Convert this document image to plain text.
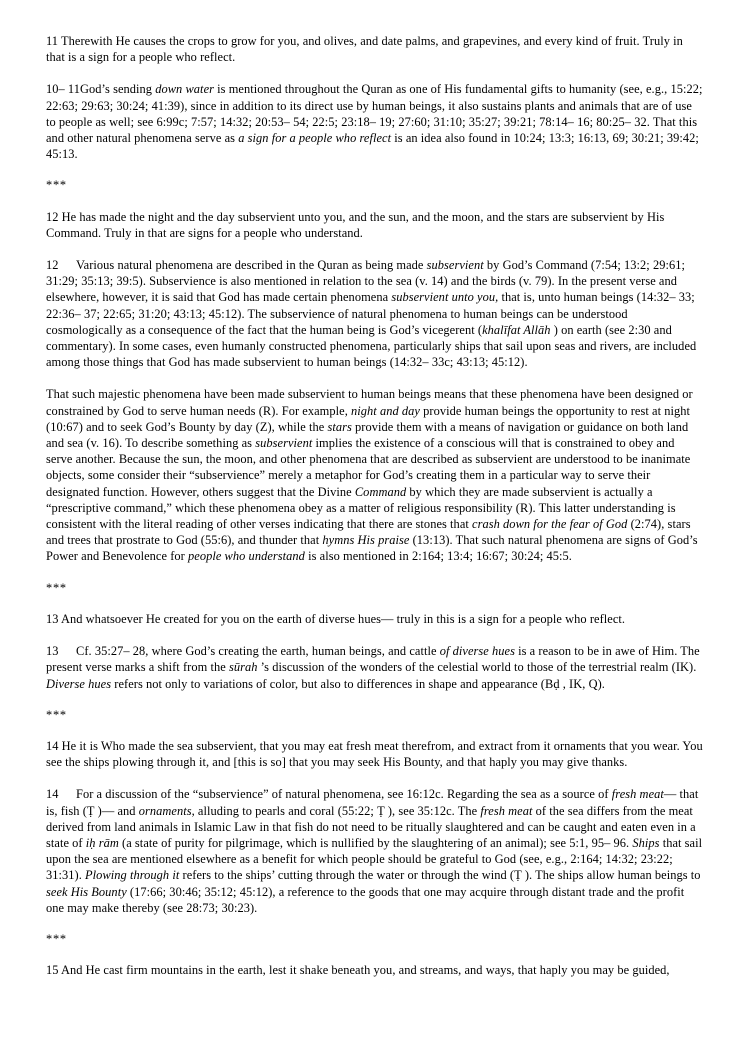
11 Therewith He causes the crops to grow for you, and olives, and date palms, and grapevines, and every kind of fruit. Truly in that is a sign for a people who reflect.

10– 11God’s sending down water is mentioned throughout the Quran as one of His fundamental gifts to humanity (see, e.g., 15:22; 22:63; 29:63; 30:24; 41:39), since in addition to its direct use by human beings, it also sustains plants and animals that are of use to people as well; see 6:99c; 7:57; 14:32; 20:53– 54; 22:5; 23:18– 19; 27:60; 31:10; 35:27; 39:21; 78:14– 16; 80:25– 32. That this and other natural phenomena serve as a sign for a people who reflect is an idea also found in 10:24; 13:3; 16:13, 69; 30:21; 39:42; 45:13.

***

12 He has made the night and the day subservient unto you, and the sun, and the moon, and the stars are subservient by His Command. Truly in that are signs for a people who understand.

12 Various natural phenomena are described in the Quran as being made subservient by God’s Command (7:54; 13:2; 29:61; 31:29; 35:13; 39:5). Subservience is also mentioned in relation to the sea (v. 14) and the birds (v. 79). In the present verse and elsewhere, however, it is said that God has made certain phenomena subservient unto you, that is, unto human beings (14:32– 33; 22:36– 37; 22:65; 31:20; 43:13; 45:12). The subservience of natural phenomena to human beings can be understood cosmologically as a consequence of the fact that the human being is God’s vicegerent (khalīfat Allāh ) on earth (see 2:30 and commentary). In some cases, even humanly constructed phenomena, particularly ships that sail upon seas and rivers, are included among those things that God has made subservient to human beings (14:32– 33c; 43:13; 45:12).

That such majestic phenomena have been made subservient to human beings means that these phenomena have been designed or constrained by God to serve human needs (R). For example, night and day provide human beings the opportunity to rest at night (10:67) and to seek God’s Bounty by day (Z), while the stars provide them with a means of navigation or guidance on both land and sea (v. 16). To describe something as subservient implies the existence of a conscious will that is constrained to obey and serve another. Because the sun, the moon, and other phenomena that are described as subservient are understood to be inanimate objects, some consider their “subservience” merely a metaphor for God’s creating them in a particular way to serve their designated function. However, others suggest that the Divine Command by which they are made subservient is actually a “prescriptive command,” which these phenomena obey as a matter of religious responsibility (R). This latter understanding is consistent with the literal reading of other verses indicating that there are stones that crash down for the fear of God (2:74), stars and trees that prostrate to God (55:6), and thunder that hymns His praise (13:13). That such natural phenomena are signs of God’s Power and Benevolence for people who understand is also mentioned in 2:164; 13:4; 16:67; 30:24; 45:5.

***

13 And whatsoever He created for you on the earth of diverse hues— truly in this is a sign for a people who reflect.

13 Cf. 35:27– 28, where God’s creating the earth, human beings, and cattle of diverse hues is a reason to be in awe of Him. The present verse marks a shift from the sūrah ’s discussion of the wonders of the celestial world to those of the terrestrial realm (IK). Diverse hues refers not only to variations of color, but also to differences in shape and appearance (Bḍ , IK, Q).

***

14 He it is Who made the sea subservient, that you may eat fresh meat therefrom, and extract from it ornaments that you wear. You see the ships plowing through it, and [this is so] that you may seek His Bounty, and that haply you may give thanks.

14 For a discussion of the “subservience” of natural phenomena, see 16:12c. Regarding the sea as a source of fresh meat— that is, fish (Ṭ )— and ornaments, alluding to pearls and coral (55:22; Ṭ ), see 35:12c. The fresh meat of the sea differs from the meat derived from land animals in Islamic Law in that fish do not need to be ritually slaughtered and can be caught and eaten even in a state of iḥ rām (a state of purity for pilgrimage, which is nullified by the slaughtering of an animal); see 5:1, 95– 96. Ships that sail upon the sea are mentioned elsewhere as a benefit for which people should be grateful to God (see, e.g., 2:164; 14:32; 23:22; 31:31). Plowing through it refers to the ships’ cutting through the water or through the wind (Ṭ ). The ships allow human beings to seek His Bounty (17:66; 30:46; 35:12; 45:12), a reference to the goods that one may acquire through distant trade and the profit one may make thereby (see 28:73; 30:23).

***

15 And He cast firm mountains in the earth, lest it shake beneath you, and streams, and ways, that haply you may be guided,
